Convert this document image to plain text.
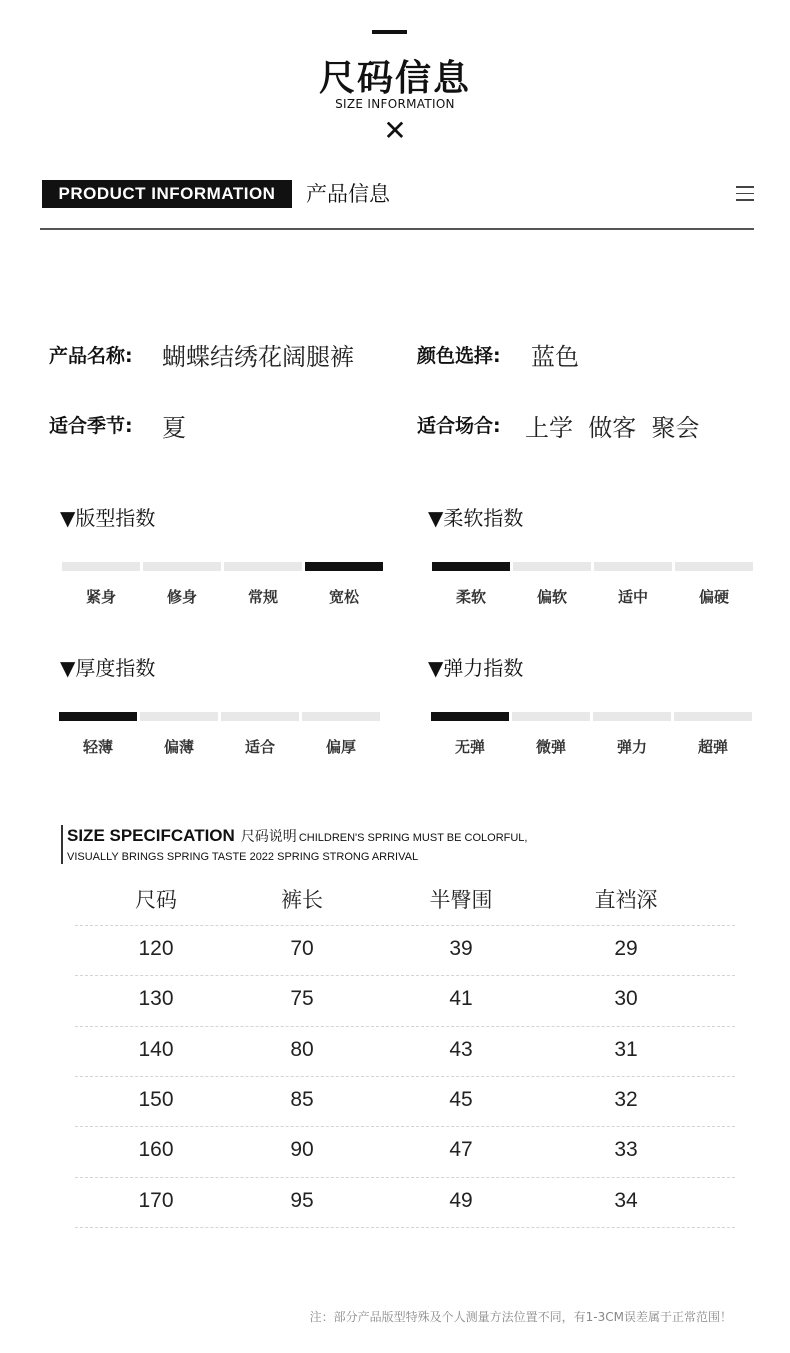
尺码信息
SIZE INFORMATION
✕
PRODUCT INFORMATION	产品信息
产品名称: 蝴蝶结绣花阔腿裤	颜色选择: 蓝色
适合季节: 夏	适合场合: 上学  做客  聚会
▼版型指数
紧身	修身	常规	宽松
▼柔软指数
柔软	偏软	适中	偏硬
▼厚度指数
轻薄	偏薄	适合	偏厚
▼弹力指数
无弹	微弹	弹力	超弹
SIZE SPECIFCATION 尺码说明 CHILDREN'S SPRING MUST BE COLORFUL,
VISUALLY BRINGS SPRING TASTE 2022 SPRING STRONG ARRIVAL
尺码	裤长	半臀围	直裆深
120	70	39	29
130	75	41	30
140	80	43	31
150	85	45	32
160	90	47	33
170	95	49	34
注：部分产品版型特殊及个人测量方法位置不同，有1-3CM误差属于正常范围！
